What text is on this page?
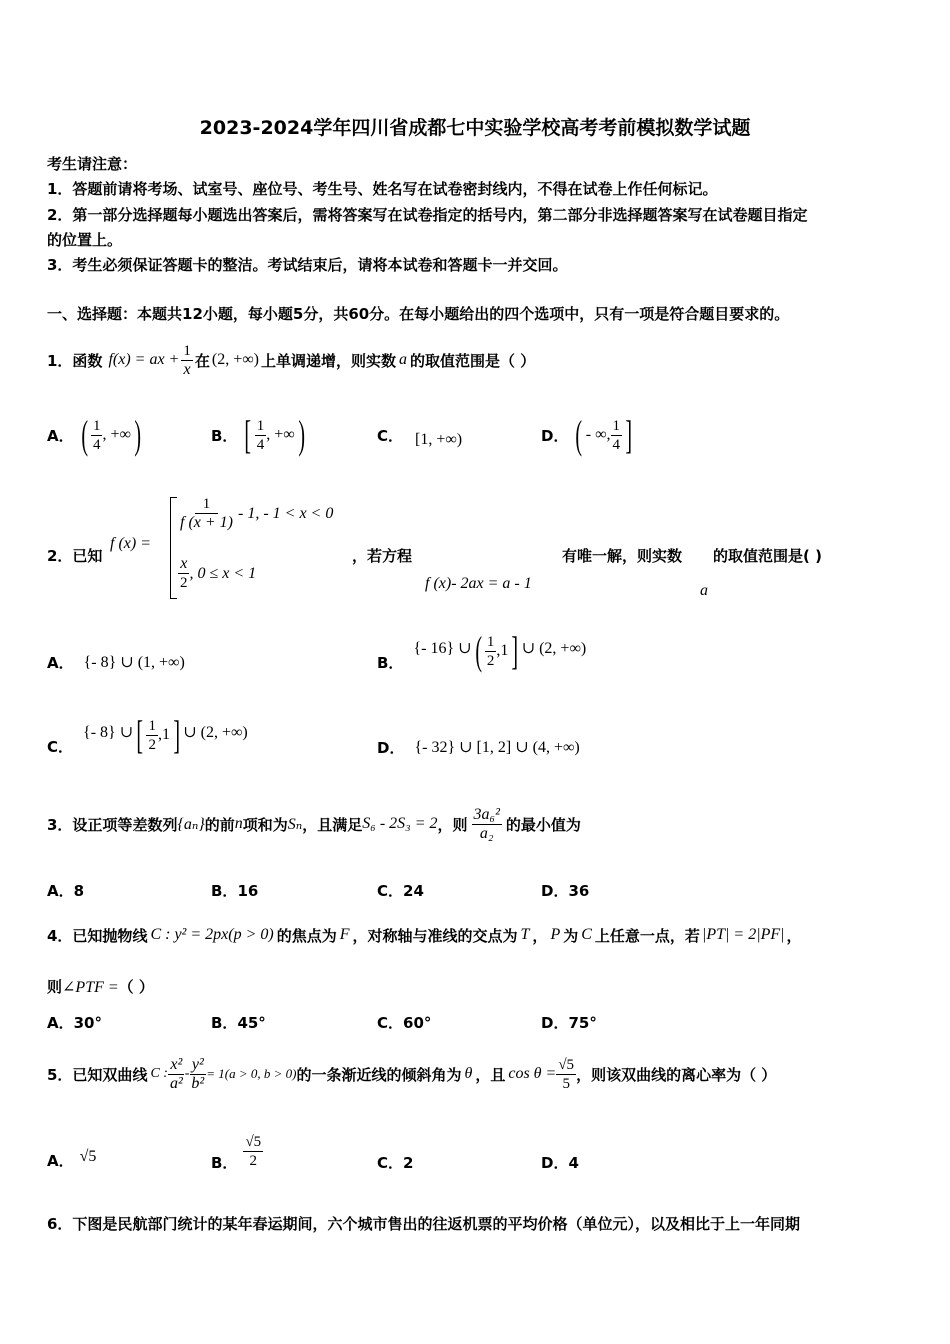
2023-2024学年四川省成都七中实验学校高考考前模拟数学试题
考生请注意：
1．答题前请将考场、试室号、座位号、考生号、姓名写在试卷密封线内，不得在试卷上作任何标记。
2．第一部分选择题每小题选出答案后，需将答案写在试卷指定的括号内，第二部分非选择题答案写在试卷题目指定
的位置上。
3．考生必须保证答题卡的整洁。考试结束后，请将本试卷和答题卡一并交回。
一、选择题：本题共12小题，每小题5分，共60分。在每小题给出的四个选项中，只有一项是符合题目要求的。
1．函数 f(x) = ax + $\frac{1}{x}$ 在 (2, +∞) 上单调递增，则实数 a 的取值范围是（ ）
A． ( $\frac{1}{4}$ , +∞ )	B． [ $\frac{1}{4}$ , +∞ )	C． [1, +∞)	D． ( - ∞, $\frac{1}{4}$ ]
2．已知
f (x) =
$\frac{1}{f (x + 1)} - 1$, - 1 < x < 0
$\frac{x}{2}$ , 0 ≤ x < 1
，若方程
f (x)- 2ax = a - 1
有唯一解，则实数
a
的取值范围是( )
A． {- 8} ∪ (1, +∞)	B．
{- 16} ∪ ( $\frac{1}{2} ,1$ ] ∪ (2, +∞)
C．
{- 8} ∪ [ $\frac{1}{2} ,1$ ] ∪ (2, +∞)
D． {- 32} ∪ [1, 2] ∪ (4, +∞)
3．设正项等差数列 {aₙ} 的前 n 项和为 Sₙ ，且满足 S₆ - 2S₃ = 2 ，则 $\frac{\text{3a₆²}}{\text{a₂}}$ 的最小值为
A．8	B．16	C．24	D．36
4．已知抛物线 C : y² = 2px(p > 0) 的焦点为 F ，对称轴与准线的交点为 T ， P 为 C 上任意一点，若 |PT| = 2|PF| ，
则 ∠PTF = （ ）
A．30°	B．45°	C．60°	D．75°
5．已知双曲线 C : $\frac{\text{x²}}{\text{a²}} - \frac{\text{y²}}{\text{b²}} = 1(a > 0$, b > 0) 的一条渐近线的倾斜角为 θ ，且 $\cos \theta = \frac{√5}{5}$ ，则该双曲线的离心率为（ ）
A． √5	B． $\frac{√5}{2}$	C．2	D．4
6．下图是民航部门统计的某年春运期间，六个城市售出的往返机票的平均价格（单位元），以及相比于上一年同期
